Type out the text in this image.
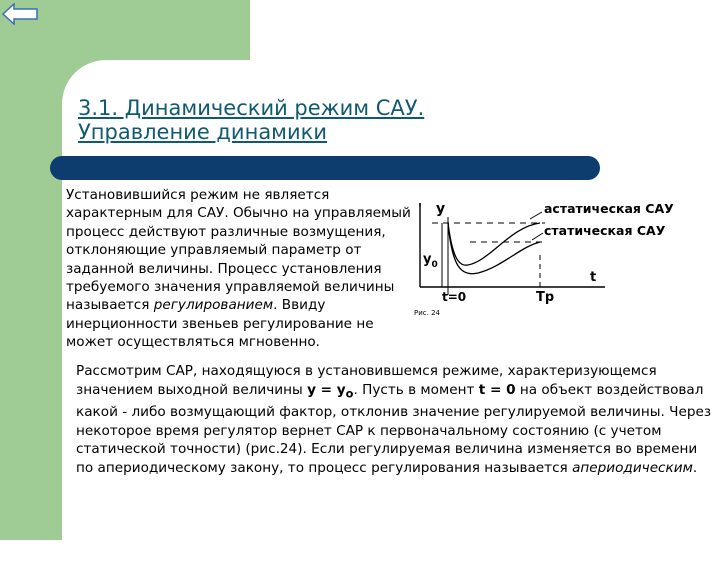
3.1. Динамический режим САУ.
Управление динамики

Установившийся режим не является характерным для САУ. Обычно на управляемый процесс действуют различные возмущения, отклоняющие управляемый параметр от заданной величины. Процесс установления требуемого значения управляемой величины называется регулированием. Ввиду инерционности звеньев регулирование не может осуществляться мгновенно.

y
$y_0$
t
t=0	Тр
Рис. 24
астатическая САУ
статическая САУ

Рассмотрим САР, находящуюся в установившемся режиме, характеризующемся значением выходной величины $y = y_o$. Пусть в момент t = 0 на объект воздействовал какой - либо возмущающий фактор, отклонив значение регулируемой величины. Через некоторое время регулятор вернет САР к первоначальному состоянию (с учетом статической точности) (рис.24). Если регулируемая величина изменяется во времени по апериодическому закону, то процесс регулирования называется апериодическим.
